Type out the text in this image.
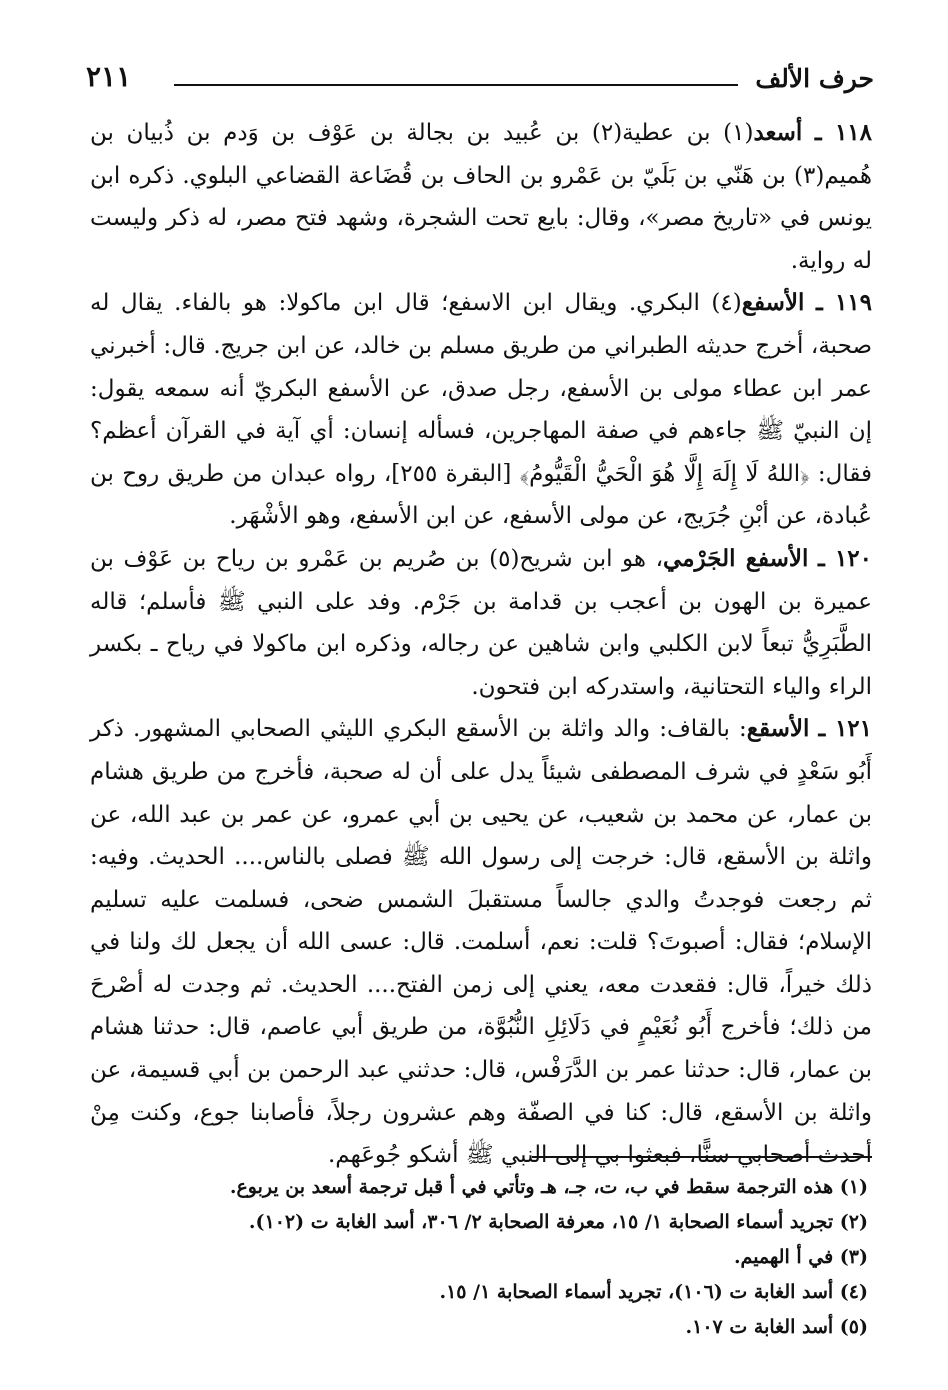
حرف الألف
٢١١

١١٨ ـ أسعد(١) بن عطية(٢) بن عُبيد بن بجالة بن عَوْف بن وَدم بن ذُبيان بن هُميم(٣) بن هَنّي بن بَلَيّ بن عَمْرو بن الحاف بن قُضَاعة القضاعي البلوي. ذكره ابن يونس في «تاريخ مصر»، وقال: بايع تحت الشجرة، وشهد فتح مصر، له ذكر وليست له رواية.

١١٩ ـ الأسفع(٤) البكري. ويقال ابن الاسفع؛ قال ابن ماكولا: هو بالفاء. يقال له صحبة، أخرج حديثه الطبراني من طريق مسلم بن خالد، عن ابن جريج. قال: أخبرني عمر ابن عطاء مولى بن الأسفع، رجل صدق، عن الأسفع البكريّ أنه سمعه يقول: إن النبيّ ﷺ جاءهم في صفة المهاجرين، فسأله إنسان: أي آية في القرآن أعظم؟ فقال: ﴿اللهُ لَا إِلَهَ إِلَّا هُوَ الْحَيُّ الْقَيُّومُ﴾ [البقرة ٢٥٥]، رواه عبدان من طريق روح بن عُبادة، عن أبْنِ جُرَيج، عن مولى الأسفع، عن ابن الأسفع، وهو الأشْهَر.

١٢٠ ـ الأسفع الجَرْمي، هو ابن شريح(٥) بن صُريم بن عَمْرو بن رياح بن عَوْف بن عميرة بن الهون بن أعجب بن قدامة بن جَرْم. وفد على النبي ﷺ فأسلم؛ قاله الطَّبَرِيُّ تبعاً لابن الكلبي وابن شاهين عن رجاله، وذكره ابن ماكولا في رياح ـ بكسر الراء والياء التحتانية، واستدركه ابن فتحون.

١٢١ ـ الأسقع: بالقاف: والد واثلة بن الأسقع البكري الليثي الصحابي المشهور. ذكر أَبُو سَعْدٍ في شرف المصطفى شيئاً يدل على أن له صحبة، فأخرج من طريق هشام بن عمار، عن محمد بن شعيب، عن يحيى بن أبي عمرو، عن عمر بن عبد الله، عن واثلة بن الأسقع، قال: خرجت إلى رسول الله ﷺ فصلى بالناس.... الحديث. وفيه: ثم رجعت فوجدتُ والدي جالساً مستقبلَ الشمس ضحى، فسلمت عليه تسليم الإسلام؛ فقال: أصبوتَ؟ قلت: نعم، أسلمت. قال: عسى الله أن يجعل لك ولنا في ذلك خيراً، قال: فقعدت معه، يعني إلى زمن الفتح.... الحديث. ثم وجدت له أصْرحَ من ذلك؛ فأخرج أَبُو نُعَيْمٍ في دَلَائِلِ النُّبُوَّة، من طريق أبي عاصم، قال: حدثنا هشام بن عمار، قال: حدثنا عمر بن الدَّرَفْس، قال: حدثني عبد الرحمن بن أبي قسيمة، عن واثلة بن الأسقع، قال: كنا في الصفّة وهم عشرون رجلاً، فأصابنا جوع، وكنت مِنْ أحدث أصحابي سنًّا، فبعثوا بي إلى النبي ﷺ أشكو جُوعَهم.

(١) هذه الترجمة سقط في ب، ت، جـ، هـ وتأتي في أ قبل ترجمة أسعد بن يربوع.
(٢) تجريد أسماء الصحابة ١/ ١٥، معرفة الصحابة ٢/ ٣٠٦، أسد الغابة ت (١٠٢).
(٣) في أ الهميم.
(٤) أسد الغابة ت (١٠٦)، تجريد أسماء الصحابة ١/ ١٥.
(٥) أسد الغابة ت ١٠٧.
